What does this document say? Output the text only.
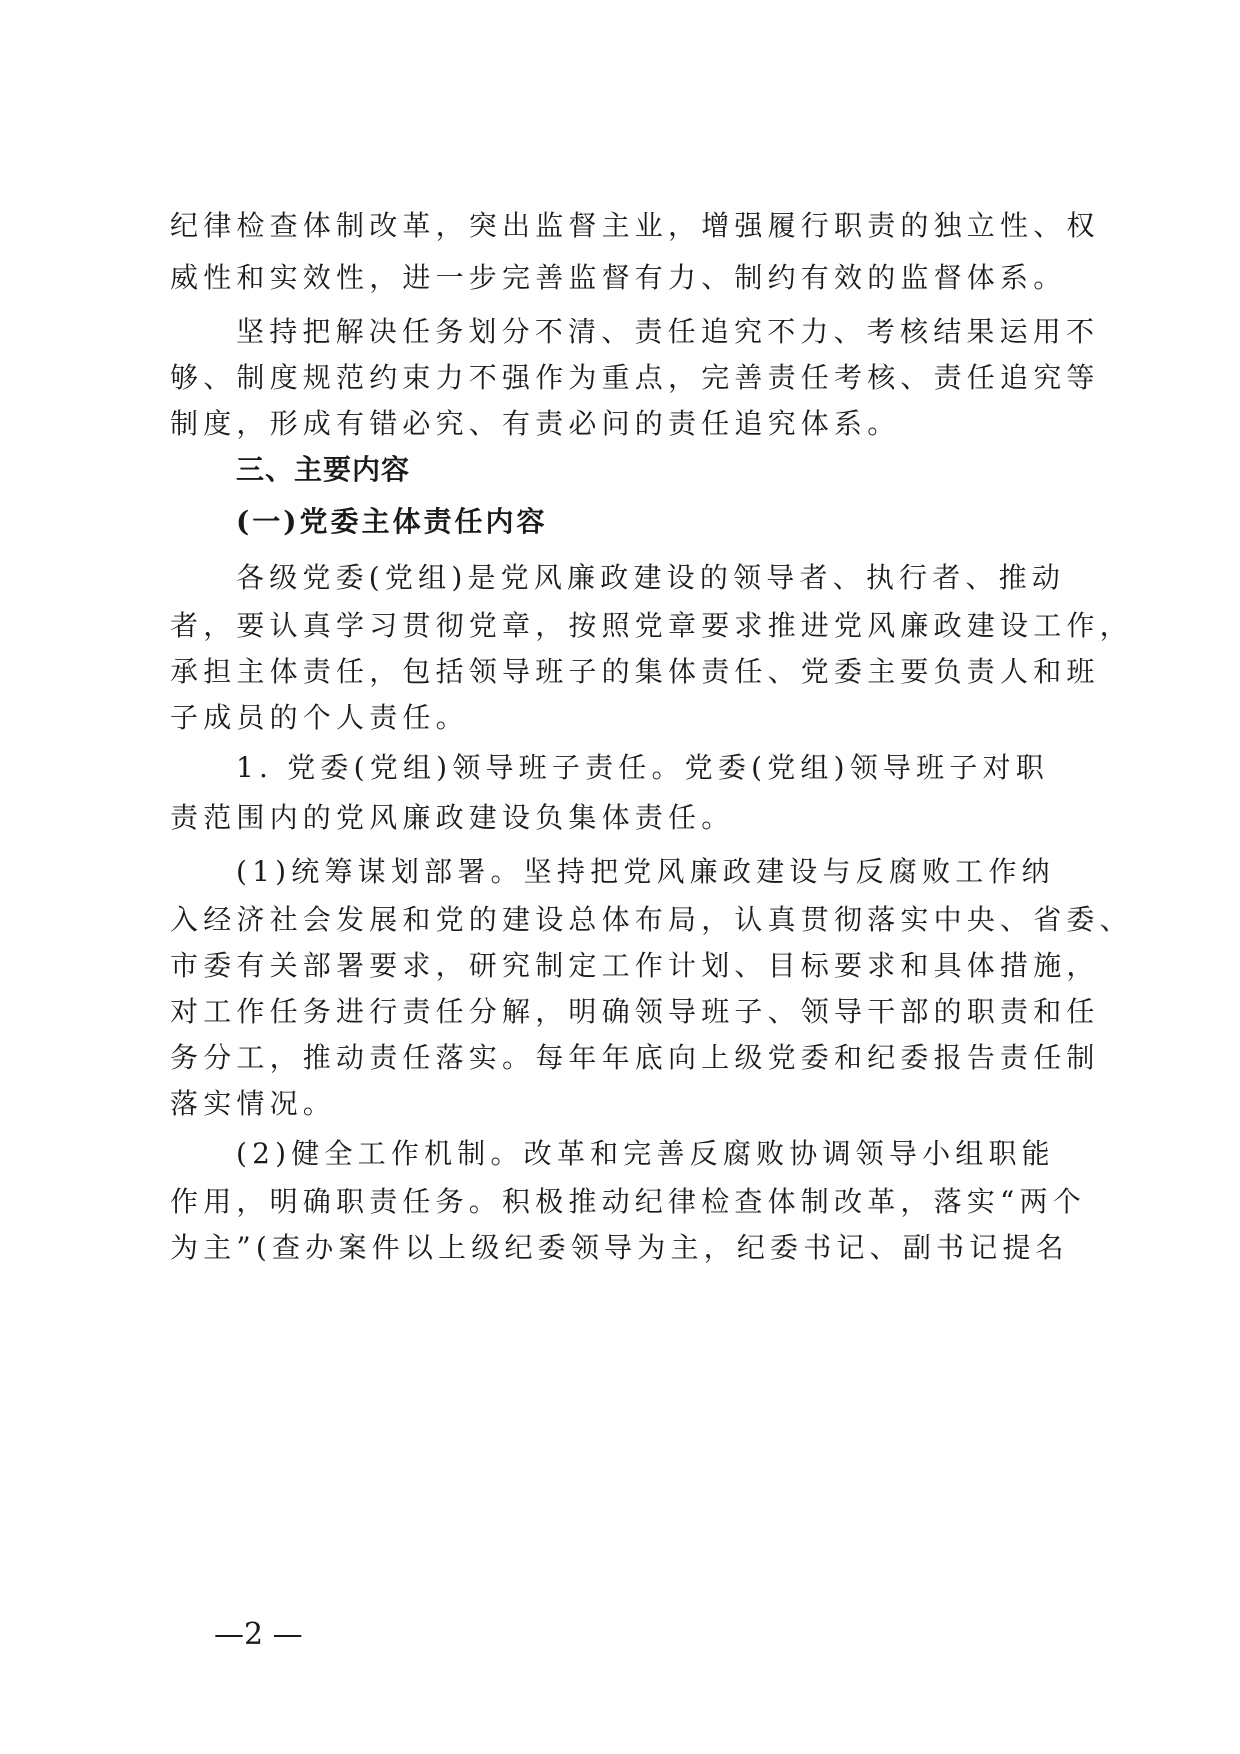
纪律检查体制改革，突出监督主业，增强履行职责的独立性、权
威性和实效性，进一步完善监督有力、制约有效的监督体系。
坚持把解决任务划分不清、责任追究不力、考核结果运用不
够、制度规范约束力不强作为重点，完善责任考核、责任追究等
制度，形成有错必究、有责必问的责任追究体系。
三、主要内容
(一)党委主体责任内容
各级党委(党组)是党风廉政建设的领导者、执行者、推动
者，要认真学习贯彻党章，按照党章要求推进党风廉政建设工作，
承担主体责任，包括领导班子的集体责任、党委主要负责人和班
子成员的个人责任。
1. 党委(党组)领导班子责任。党委(党组)领导班子对职
责范围内的党风廉政建设负集体责任。
(1)统筹谋划部署。坚持把党风廉政建设与反腐败工作纳
入经济社会发展和党的建设总体布局，认真贯彻落实中央、省委、
市委有关部署要求，研究制定工作计划、目标要求和具体措施，
对工作任务进行责任分解，明确领导班子、领导干部的职责和任
务分工，推动责任落实。每年年底向上级党委和纪委报告责任制
落实情况。
(2)健全工作机制。改革和完善反腐败协调领导小组职能
作用，明确职责任务。积极推动纪律检查体制改革，落实“两个
为主”(查办案件以上级纪委领导为主，纪委书记、副书记提名
—2 —
